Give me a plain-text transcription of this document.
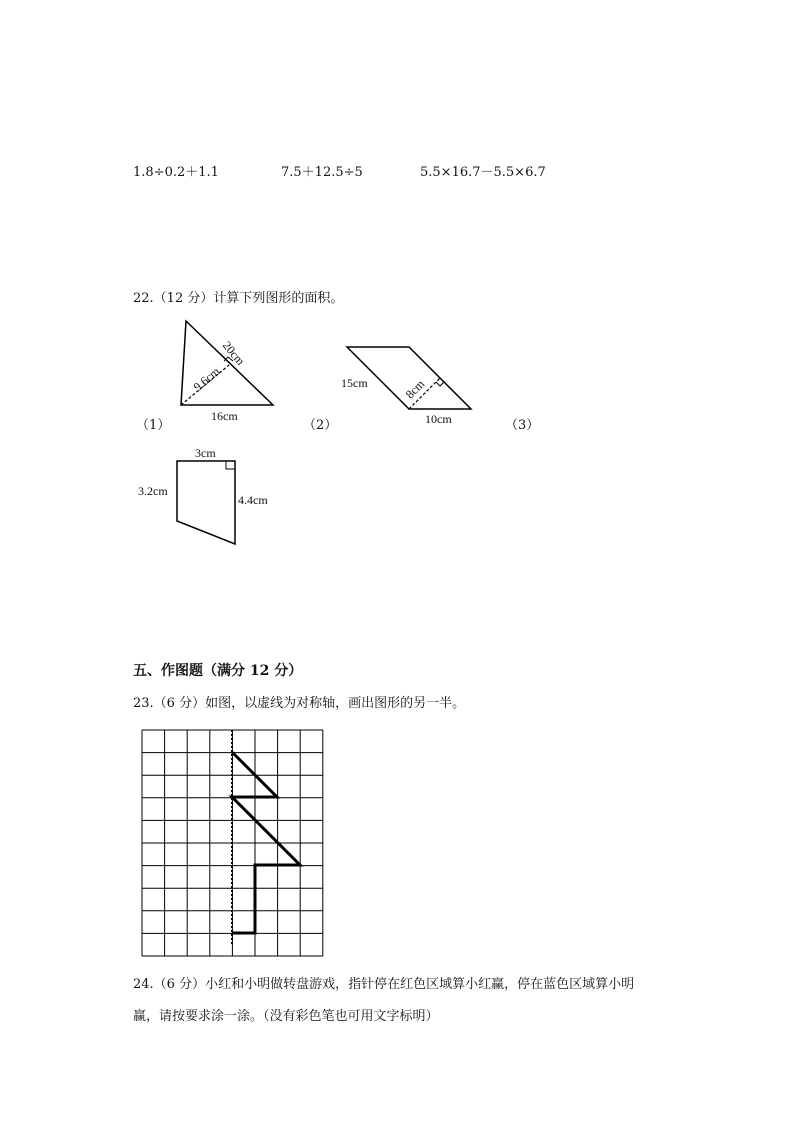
1.8÷0.2＋1.1	7.5＋12.5÷5	5.5×16.7－5.5×6.7
22.（12 分）计算下列图形的面积。
20cm
9.6cm
16cm
（1）
15cm	8cm
10cm
（2）	（3）
3cm
3.2cm
4.4cm
五、作图题（满分 12 分）
23.（6 分）如图，以虚线为对称轴，画出图形的另一半。
24.（6 分）小红和小明做转盘游戏，指针停在红色区域算小红赢，停在蓝色区域算小明
赢，请按要求涂一涂。（没有彩色笔也可用文字标明）
